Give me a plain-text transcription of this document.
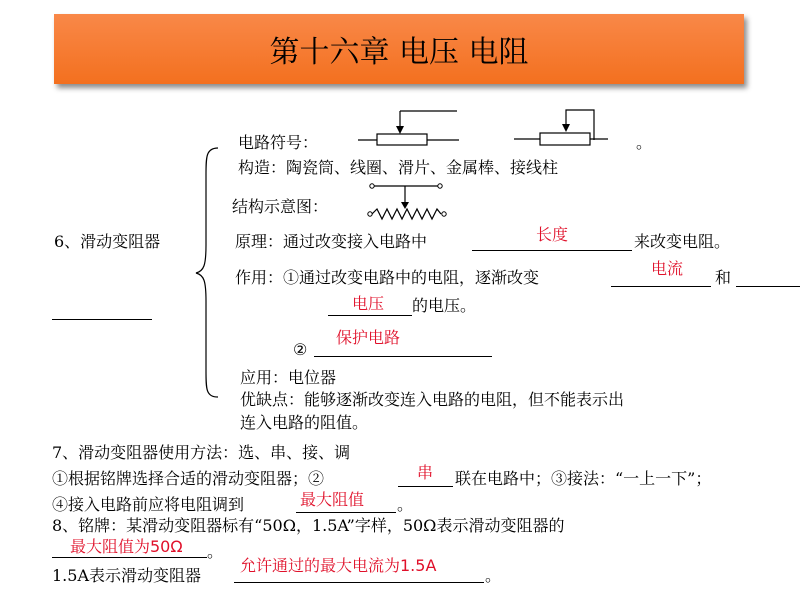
第十六章 电压 电阻
6、滑动变阻器
电路符号：	。
构造：陶瓷筒、线圈、滑片、金属棒、接线柱
结构示意图：
原理：通过改变接入电路中	长度	来改变电阻。
作用：①通过改变电路中的电阻，逐渐改变	电流 和
电压 的电压。
②
保护电路
应用：电位器
优缺点：能够逐渐改变连入电路的电阻，但不能表示出
连入电路的阻值。
7、滑动变阻器使用方法：选、串、接、调
①根据铭牌选择合适的滑动变阻器；②	串 联在电路中；③接法：“一上一下”；
④接入电路前应将电阻调到	最大阻值 。
8、铭牌：某滑动变阻器标有“50Ω，1.5A”字样，50Ω表示滑动变阻器的
最大阻值为50Ω 。
1.5A表示滑动变阻器
允许通过的最大电流为1.5A
。
